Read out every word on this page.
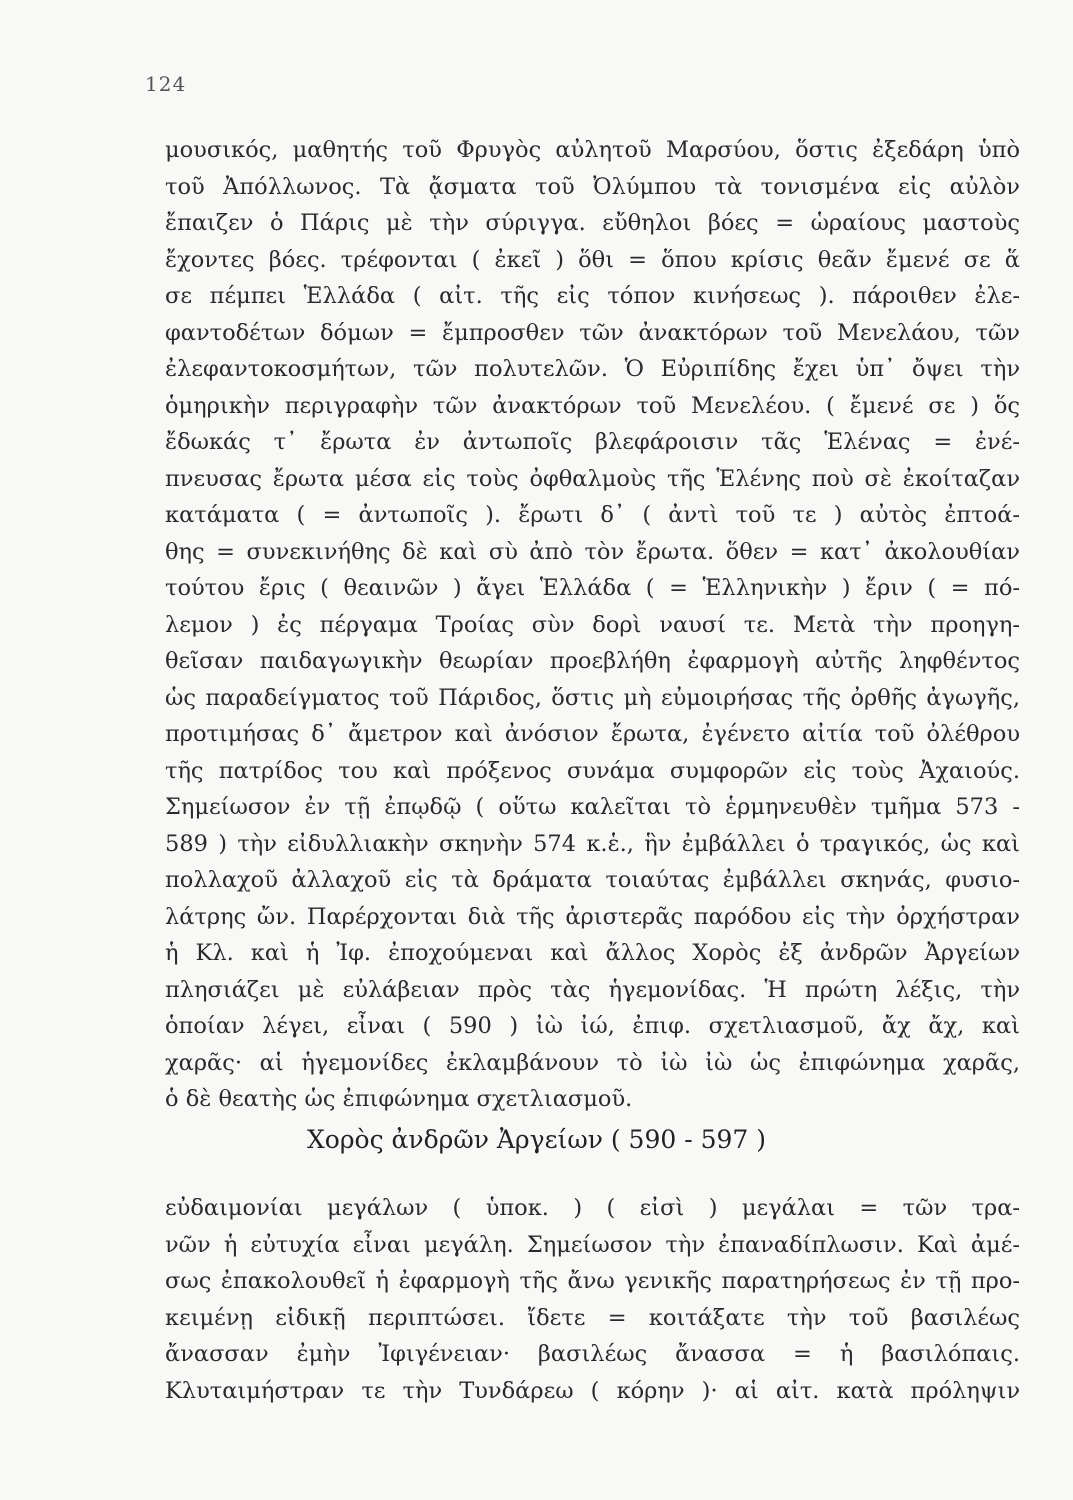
124
μουσικός, μαθητής τοῦ Φρυγὸς αὐλητοῦ Μαρσύου, ὅστις ἐξεδάρη ὑπὸ
τοῦ Ἀπόλλωνος. Τὰ ᾄσματα τοῦ Ὀλύμπου τὰ τονισμένα εἰς αὐλὸν
ἔπαιζεν ὁ Πάρις μὲ τὴν σύριγγα. εὔθηλοι βόες = ὡραίους μαστοὺς
ἔχοντες βόες. τρέφονται ( ἐκεῖ ) ὅθι = ὅπου κρίσις θεᾶν ἔμενέ σε ἅ
σε πέμπει Ἑλλάδα ( αἰτ. τῆς εἰς τόπον κινήσεως ). πάροιθεν ἐλε-
φαντοδέτων δόμων = ἔμπροσθεν τῶν ἀνακτόρων τοῦ Μενελάου, τῶν
ἐλεφαντοκοσμήτων, τῶν πολυτελῶν. Ὁ Εὐριπίδης ἔχει ὑπ᾽ ὄψει τὴν
ὁμηρικὴν περιγραφὴν τῶν ἀνακτόρων τοῦ Μενελέου. ( ἔμενέ σε ) ὅς
ἔδωκάς τ᾽ ἔρωτα ἐν ἀντωποῖς βλεφάροισιν τᾶς Ἑλένας = ἐνέ-
πνευσας ἔρωτα μέσα εἰς τοὺς ὀφθαλμοὺς τῆς Ἑλένης ποὺ σὲ ἐκοίταζαν
κατάματα ( = ἀντωποῖς ). ἔρωτι δ᾽ ( ἀντὶ τοῦ τε ) αὐτὸς ἐπτοά-
θης = συνεκινήθης δὲ καὶ σὺ ἀπὸ τὸν ἔρωτα. ὅθεν = κατ᾽ ἀκολουθίαν
τούτου ἔρις ( θεαινῶν ) ἄγει Ἑλλάδα ( = Ἑλληνικὴν ) ἔριν ( = πό-
λεμον ) ἐς πέργαμα Τροίας σὺν δορὶ ναυσί τε. Μετὰ τὴν προηγη-
θεῖσαν παιδαγωγικὴν θεωρίαν προεβλήθη ἐφαρμογὴ αὐτῆς ληφθέντος
ὡς παραδείγματος τοῦ Πάριδος, ὅστις μὴ εὐμοιρήσας τῆς ὀρθῆς ἀγωγῆς,
προτιμήσας δ᾽ ἄμετρον καὶ ἀνόσιον ἔρωτα, ἐγένετο αἰτία τοῦ ὀλέθρου
τῆς πατρίδος του καὶ πρόξενος συνάμα συμφορῶν εἰς τοὺς Ἀχαιούς.
Σημείωσον ἐν τῇ ἐπῳδῷ ( οὕτω καλεῖται τὸ ἑρμηνευθὲν τμῆμα 573 -
589 ) τὴν εἰδυλλιακὴν σκηνὴν 574 κ.ἑ., ἣν ἐμβάλλει ὁ τραγικός, ὡς καὶ
πολλαχοῦ ἀλλαχοῦ εἰς τὰ δράματα τοιαύτας ἐμβάλλει σκηνάς, φυσιο-
λάτρης ὤν. Παρέρχονται διὰ τῆς ἀριστερᾶς παρόδου εἰς τὴν ὀρχήστραν
ἡ Κλ. καὶ ἡ Ἰφ. ἐποχούμεναι καὶ ἄλλος Χορὸς ἐξ ἀνδρῶν Ἀργείων
πλησιάζει μὲ εὐλάβειαν πρὸς τὰς ἡγεμονίδας. Ἡ πρώτη λέξις, τὴν
ὁποίαν λέγει, εἶναι ( 590 ) ἰὼ ἰώ, ἐπιφ. σχετλιασμοῦ, ἄχ ἄχ, καὶ
χαρᾶς· αἱ ἡγεμονίδες ἐκλαμβάνουν τὸ ἰὼ ἰὼ ὡς ἐπιφώνημα χαρᾶς,
ὁ δὲ θεατὴς ὡς ἐπιφώνημα σχετλιασμοῦ.
Χορὸς ἀνδρῶν Ἀργείων ( 590 - 597 )
εὐδαιμονίαι μεγάλων ( ὑποκ. ) ( εἰσὶ ) μεγάλαι = τῶν τρα-
νῶν ἡ εὐτυχία εἶναι μεγάλη. Σημείωσον τὴν ἐπαναδίπλωσιν. Καὶ ἀμέ-
σως ἐπακολουθεῖ ἡ ἐφαρμογὴ τῆς ἄνω γενικῆς παρατηρήσεως ἐν τῇ προ-
κειμένῃ εἰδικῇ περιπτώσει. ἴδετε = κοιτάξατε τὴν τοῦ βασιλέως
ἄνασσαν ἐμὴν Ἰφιγένειαν· βασιλέως ἄνασσα = ἡ βασιλόπαις.
Κλυταιμήστραν τε τὴν Τυνδάρεω ( κόρην )· αἱ αἰτ. κατὰ πρόληψιν
